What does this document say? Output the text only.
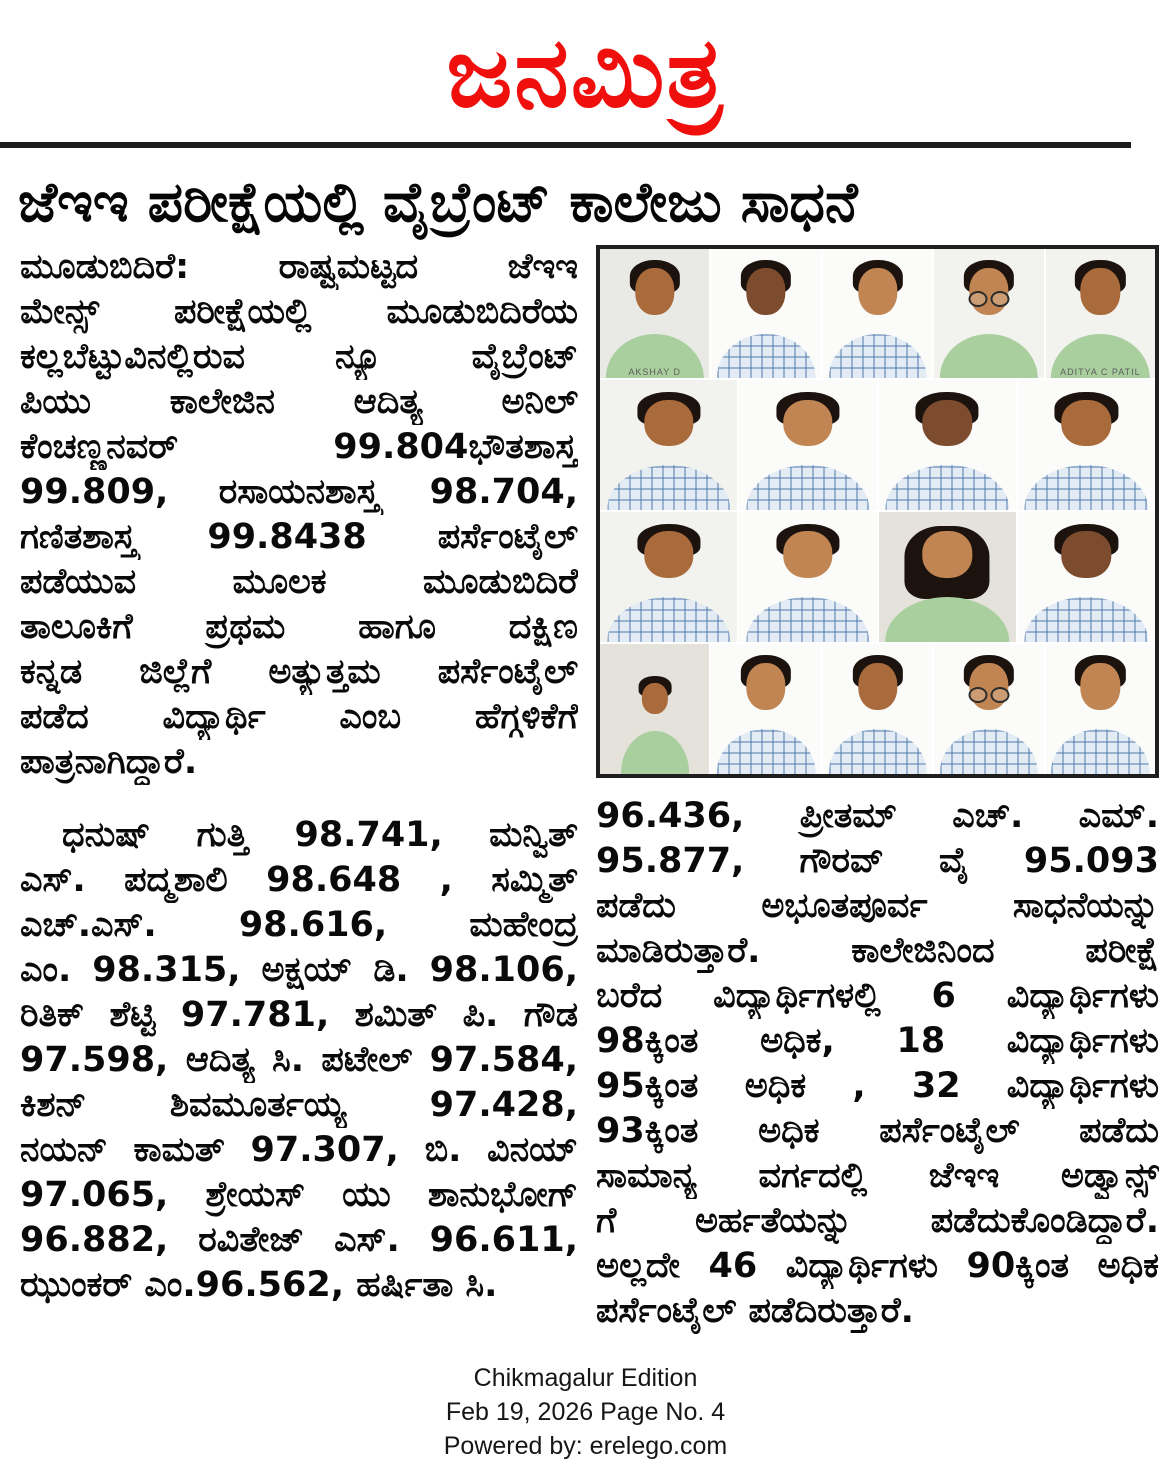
ಜನಮಿತ್ರ
ಜೆಇಇ ಪರೀಕ್ಷೆಯಲ್ಲಿ ವೈಬ್ರೆಂಟ್ ಕಾಲೇಜು ಸಾಧನೆ
ಮೂಡುಬಿದಿರೆ: ರಾಷ್ಟ್ರಮಟ್ಟದ ಜೆಇಇ
ಮೇನ್ಸ್ ಪರೀಕ್ಷೆಯಲ್ಲಿ ಮೂಡುಬಿದಿರೆಯ
ಕಲ್ಲಬೆಟ್ಟುವಿನಲ್ಲಿರುವ ನ್ಯೂ ವೈಬ್ರೆಂಟ್
ಪಿಯು ಕಾಲೇಜಿನ ಆದಿತ್ಯ ಅನಿಲ್
ಕೆಂಚಣ್ಣನವರ್ 99.804ಭೌತಶಾಸ್ತ್ರ
99.809, ರಸಾಯನಶಾಸ್ತ್ರ 98.704,
ಗಣಿತಶಾಸ್ತ್ರ 99.8438 ಪರ್ಸೆಂಟೈಲ್
ಪಡೆಯುವ ಮೂಲಕ ಮೂಡುಬಿದಿರೆ
ತಾಲೂಕಿಗೆ ಪ್ರಥಮ ಹಾಗೂ ದಕ್ಷಿಣ
ಕನ್ನಡ ಜಿಲ್ಲೆಗೆ ಅತ್ಯುತ್ತಮ ಪರ್ಸೆಂಟೈಲ್
ಪಡೆದ ವಿದ್ಯಾರ್ಥಿ ಎಂಬ ಹೆಗ್ಗಳಿಕೆಗೆ
ಪಾತ್ರನಾಗಿದ್ದಾರೆ.
ಧನುಷ್ ಗುತ್ತಿ 98.741, ಮನ್ವಿತ್
ಎಸ್. ಪದ್ಮಶಾಲಿ 98.648 , ಸಮ್ಮಿತ್
ಎಚ್.ಎಸ್. 98.616, ಮಹೇಂದ್ರ
ಎಂ. 98.315, ಅಕ್ಷಯ್ ಡಿ. 98.106,
ರಿತಿಕ್ ಶೆಟ್ಟಿ 97.781, ಶಮಿತ್ ಪಿ. ಗೌಡ
97.598, ಆದಿತ್ಯ ಸಿ. ಪಟೇಲ್ 97.584,
ಕಿಶನ್ ಶಿವಮೂರ್ತಯ್ಯ 97.428,
ನಯನ್ ಕಾಮತ್ 97.307, ಬಿ. ವಿನಯ್
97.065, ಶ್ರೇಯಸ್ ಯು ಶಾನುಭೋಗ್
96.882, ರವಿತೇಜ್ ಎಸ್. 96.611,
ಝುಂಕರ್ ಎಂ.96.562, ಹರ್ಷಿತಾ ಸಿ.
AKSHAY D	ADITYA C PATIL
96.436, ಪ್ರೀತಮ್ ಎಚ್. ಎಮ್.
95.877, ಗೌರವ್ ವೈ 95.093
ಪಡೆದು ಅಭೂತಪೂರ್ವ ಸಾಧನೆಯನ್ನು
ಮಾಡಿರುತ್ತಾರೆ. ಕಾಲೇಜಿನಿಂದ ಪರೀಕ್ಷೆ
ಬರೆದ ವಿದ್ಯಾರ್ಥಿಗಳಲ್ಲಿ 6 ವಿದ್ಯಾರ್ಥಿಗಳು
98ಕ್ಕಿಂತ ಅಧಿಕ, 18 ವಿದ್ಯಾರ್ಥಿಗಳು
95ಕ್ಕಿಂತ ಅಧಿಕ , 32 ವಿದ್ಯಾರ್ಥಿಗಳು
93ಕ್ಕಿಂತ ಅಧಿಕ ಪರ್ಸೆಂಟೈಲ್ ಪಡೆದು
ಸಾಮಾನ್ಯ ವರ್ಗದಲ್ಲಿ ಜೆಇಇ ಅಡ್ವಾನ್ಸ್
ಗೆ ಅರ್ಹತೆಯನ್ನು ಪಡೆದುಕೊಂಡಿದ್ದಾರೆ.
ಅಲ್ಲದೇ 46 ವಿದ್ಯಾರ್ಥಿಗಳು 90ಕ್ಕಿಂತ ಅಧಿಕ
ಪರ್ಸೆಂಟೈಲ್ ಪಡೆದಿರುತ್ತಾರೆ.
Chikmagalur Edition
Feb 19, 2026 Page No. 4
Powered by: erelego.com
